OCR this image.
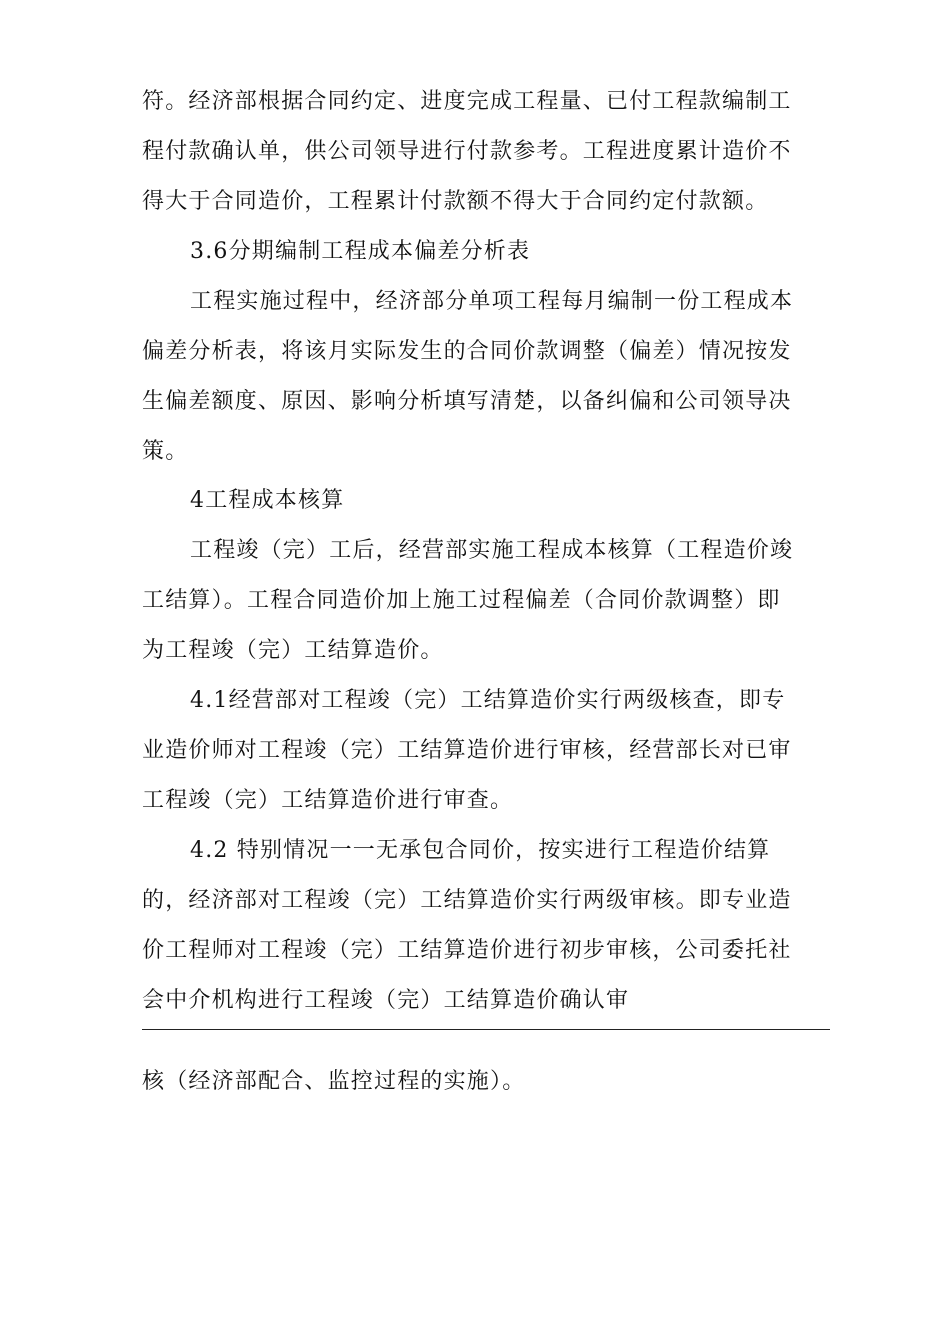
符。经济部根据合同约定、进度完成工程量、已付工程款编制工
程付款确认单，供公司领导进行付款参考。工程进度累计造价不
得大于合同造价，工程累计付款额不得大于合同约定付款额。
3.6分期编制工程成本偏差分析表
工程实施过程中，经济部分单项工程每月编制一份工程成本
偏差分析表，将该月实际发生的合同价款调整（偏差）情况按发
生偏差额度、原因、影响分析填写清楚，以备纠偏和公司领导决
策。
4工程成本核算
工程竣（完）工后，经营部实施工程成本核算（工程造价竣
工结算）。工程合同造价加上施工过程偏差（合同价款调整）即
为工程竣（完）工结算造价。
4.1经营部对工程竣（完）工结算造价实行两级核查，即专
业造价师对工程竣（完）工结算造价进行审核，经营部长对已审
工程竣（完）工结算造价进行审查。
4.2 特别情况一一无承包合同价，按实进行工程造价结算
的，经济部对工程竣（完）工结算造价实行两级审核。即专业造
价工程师对工程竣（完）工结算造价进行初步审核，公司委托社
会中介机构进行工程竣（完）工结算造价确认审
核（经济部配合、监控过程的实施）。
